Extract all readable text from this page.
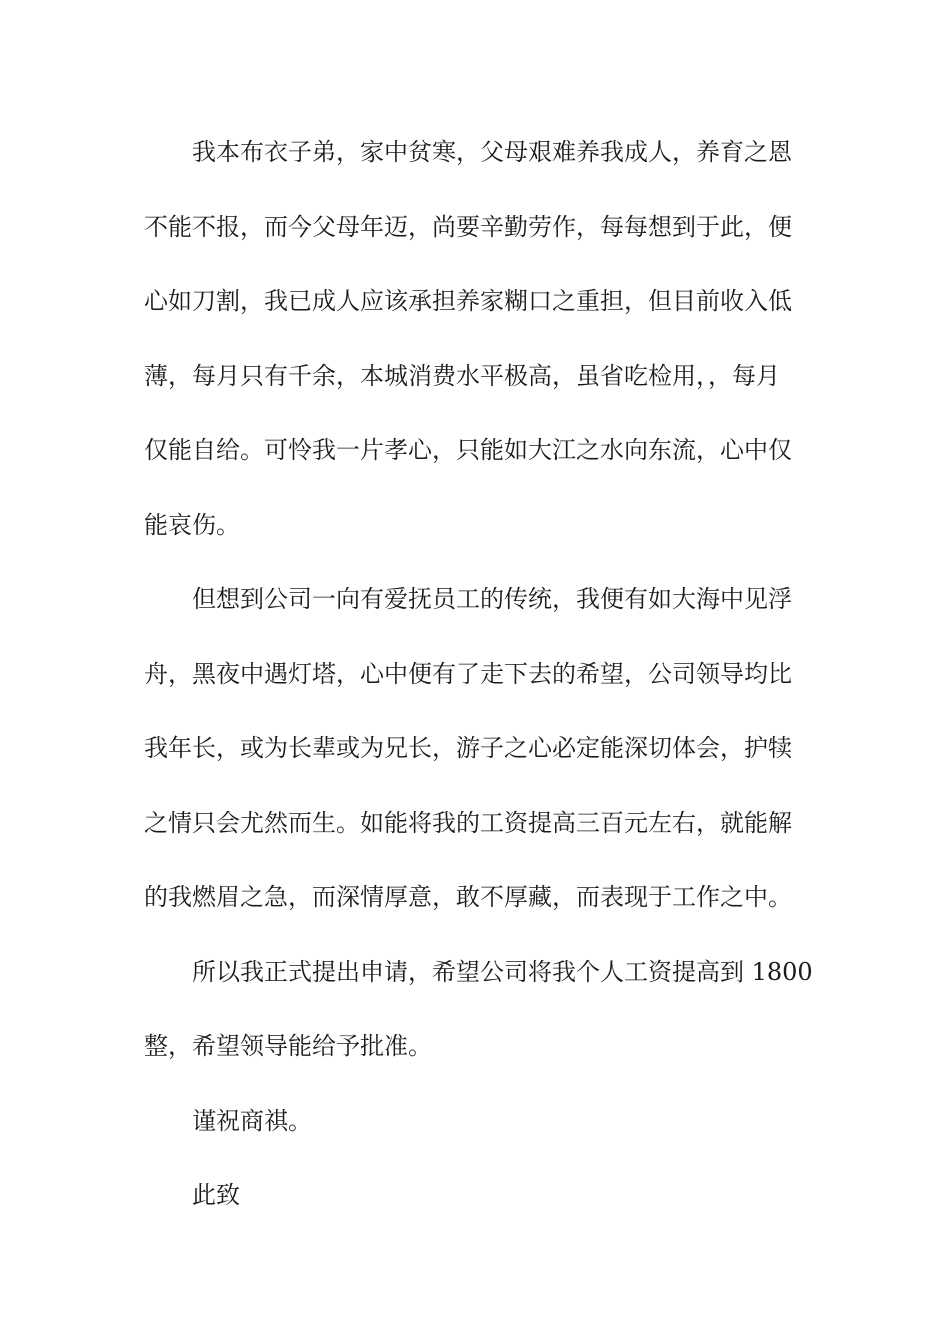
我本布衣子弟，家中贫寒，父母艰难养我成人，养育之恩
不能不报，而今父母年迈，尚要辛勤劳作，每每想到于此，便
心如刀割，我已成人应该承担养家糊口之重担，但目前收入低
薄，每月只有千余，本城消费水平极高，虽省吃检用，，每月
仅能自给。可怜我一片孝心，只能如大江之水向东流，心中仅
能哀伤。
但想到公司一向有爱抚员工的传统，我便有如大海中见浮
舟，黑夜中遇灯塔，心中便有了走下去的希望，公司领导均比
我年长，或为长辈或为兄长，游子之心必定能深切体会，护犊
之情只会尤然而生。如能将我的工资提高三百元左右，就能解
的我燃眉之急，而深情厚意，敢不厚藏，而表现于工作之中。
所以我正式提出申请，希望公司将我个人工资提高到 1800
整，希望领导能给予批准。
谨祝商祺。
此致
